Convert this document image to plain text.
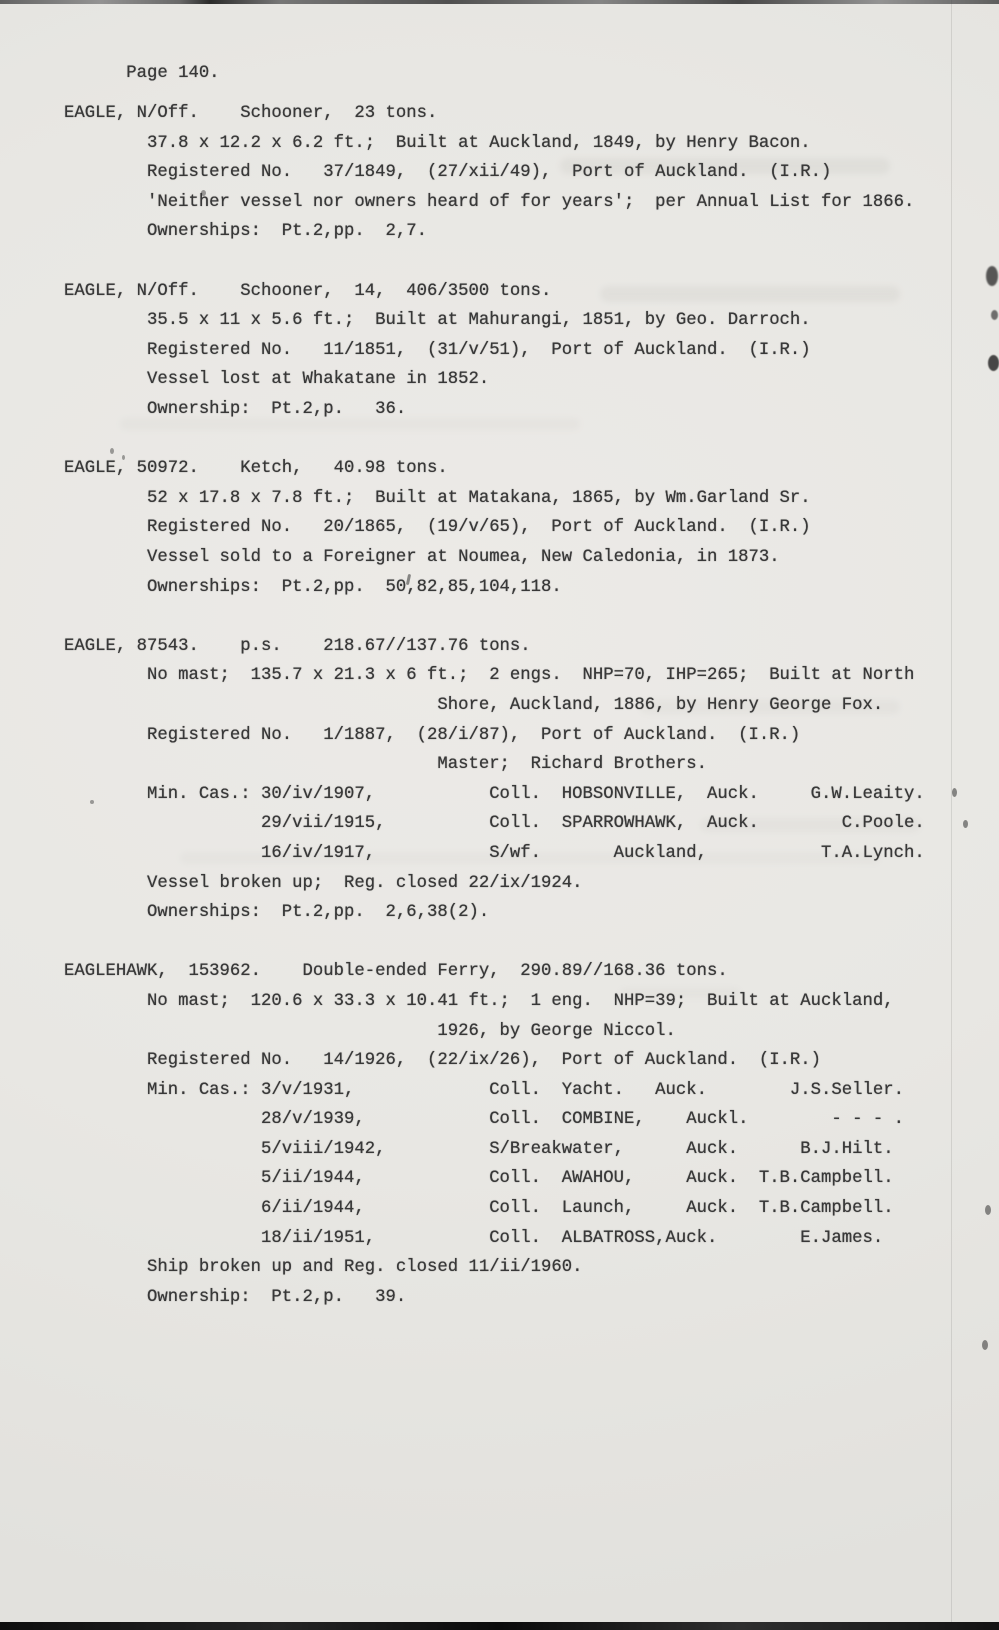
Page 140.
EAGLE, N/Off.    Schooner,  23 tons.
37.8 x 12.2 x 6.2 ft.;  Built at Auckland, 1849, by Henry Bacon.
Registered No.   37/1849,  (27/xii/49),  Port of Auckland.  (I.R.)
'Neither vessel nor owners heard of for years';  per Annual List for 1866.
Ownerships:  Pt.2,pp.  2,7.
EAGLE, N/Off.    Schooner,  14,  406/3500 tons.
35.5 x 11 x 5.6 ft.;  Built at Mahurangi, 1851, by Geo. Darroch.
Registered No.   11/1851,  (31/v/51),  Port of Auckland.  (I.R.)
Vessel lost at Whakatane in 1852.
Ownership:  Pt.2,p.   36.
EAGLE, 50972.    Ketch,   40.98 tons.
52 x 17.8 x 7.8 ft.;  Built at Matakana, 1865, by Wm.Garland Sr.
Registered No.   20/1865,  (19/v/65),  Port of Auckland.  (I.R.)
Vessel sold to a Foreigner at Noumea, New Caledonia, in 1873.
Ownerships:  Pt.2,pp.  50,82,85,104,118.
EAGLE, 87543.    p.s.    218.67//137.76 tons.
No mast;  135.7 x 21.3 x 6 ft.;  2 engs.  NHP=70, IHP=265;  Built at North
Shore, Auckland, 1886, by Henry George Fox.
Registered No.   1/1887,  (28/i/87),  Port of Auckland.  (I.R.)
Master;  Richard Brothers.
Min. Cas.: 30/iv/1907,           Coll.  HOBSONVILLE,  Auck.     G.W.Leaity.
29/vii/1915,          Coll.  SPARROWHAWK,  Auck.        C.Poole.
16/iv/1917,           S/wf.       Auckland,           T.A.Lynch.
Vessel broken up;  Reg. closed 22/ix/1924.
Ownerships:  Pt.2,pp.  2,6,38(2).
EAGLEHAWK,  153962.    Double-ended Ferry,  290.89//168.36 tons.
No mast;  120.6 x 33.3 x 10.41 ft.;  1 eng.  NHP=39;  Built at Auckland,
1926, by George Niccol.
Registered No.   14/1926,  (22/ix/26),  Port of Auckland.  (I.R.)
Min. Cas.: 3/v/1931,             Coll.  Yacht.   Auck.        J.S.Seller.
28/v/1939,            Coll.  COMBINE,    Auckl.        - - - .
5/viii/1942,          S/Breakwater,      Auck.      B.J.Hilt.
5/ii/1944,            Coll.  AWAHOU,     Auck.  T.B.Campbell.
6/ii/1944,            Coll.  Launch,     Auck.  T.B.Campbell.
18/ii/1951,           Coll.  ALBATROSS,Auck.        E.James.
Ship broken up and Reg. closed 11/ii/1960.
Ownership:  Pt.2,p.   39.
